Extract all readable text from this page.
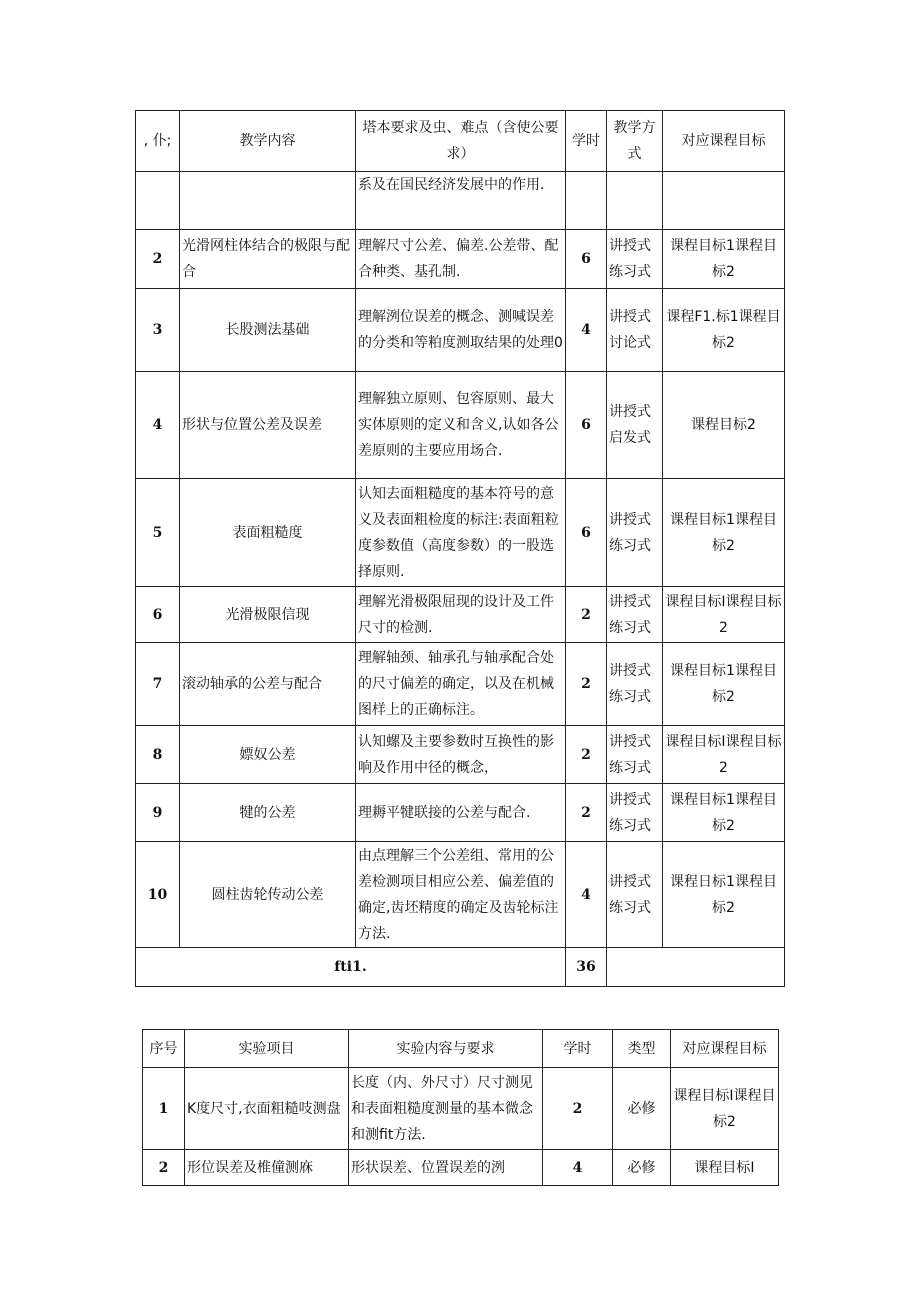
, 仆;	教学内容	塔本要求及虫、难点（含使公要求）	学时	教学方式	对应课程目标
		系及在国民经济发展中的作用.			
2	光滑网柱体结合的极限与配合	理解尺寸公差、偏差.公差带、配合种类、基孔制.	6	讲授式练习式	课程目标1课程目标2
3	长股测法基础	理解洌位误差的概念、测喊误差的分类和等粕度测取结果的处理0	4	讲授式讨论式	课程F1.标1课程目标2
4	形状与位置公差及误差	理解独立原则、包容原则、最大实体原则的定义和含义,认如各公差原则的主要应用场合.	6	讲授式启发式	课程目标2
5	表面粗糙度	认知去面粗糙度的基本符号的意义及表面粗检度的标注:表面粗粒度参数值（高度参数）的一股选择原则.	6	讲授式练习式	课程目标1课程目标2
6	光滑极限信现	理解光滑极限屈现的设计及工件尺寸的检测.	2	讲授式练习式	课程目标I课程目标2
7	滚动轴承的公差与配合	理解轴颈、轴承孔与轴承配合处的尺寸偏差的确定，以及在机械图样上的正确标注。	2	讲授式练习式	课程目标1课程目标2
8	嫖奴公差	认知螺及主要参数时互换性的影响及作用中径的概念，	2	讲授式练习式	课程目标I课程目标2
9	犍的公差	理耨平犍联接的公差与配合.	2	讲授式练习式	课程目标1课程目标2
10	圆柱齿轮传动公差	由点理解三个公差组、常用的公差检测项目相应公差、偏差值的确定,齿坯精度的确定及齿轮标注方法.	4	讲授式练习式	课程日标1课程目标2
fti1.			36		
序号	实验项目	实验内容与要求	学时	类型	对应课程目标
1	K度尺寸,衣面粗糙吱测盘	长度（内、外尺寸）尺寸测见和表面粗糙度测量的基本微念和测fit方法.	2	必修	课程目标I课程目标2
2	形位误差及椎僮测庥	形状误差、位置误差的洌	4	必修	课程目标I
